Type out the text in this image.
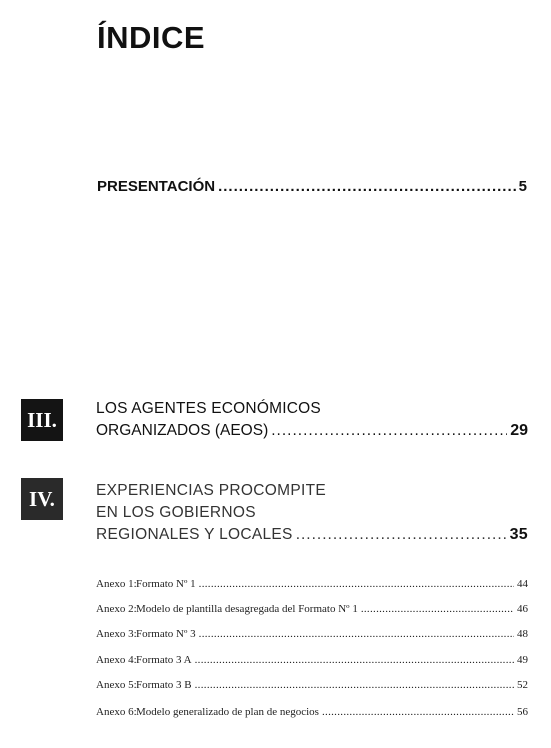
ÍNDICE
PRESENTACIÓN .....	5
III.	LOS AGENTES ECONÓMICOS
ORGANIZADOS (AEOS) .....	29
IV.	EXPERIENCIAS PROCOMPITE
EN LOS GOBIERNOS
REGIONALES Y LOCALES .....	35
Anexo 1: Formato Nº 1 .....	44
Anexo 2: Modelo de plantilla desagregada del Formato Nº 1 .....	46
Anexo 3: Formato Nº 3 .....	48
Anexo 4: Formato 3 A .....	49
Anexo 5: Formato 3 B .....	52
Anexo 6: Modelo generalizado de plan de negocios .....	56
